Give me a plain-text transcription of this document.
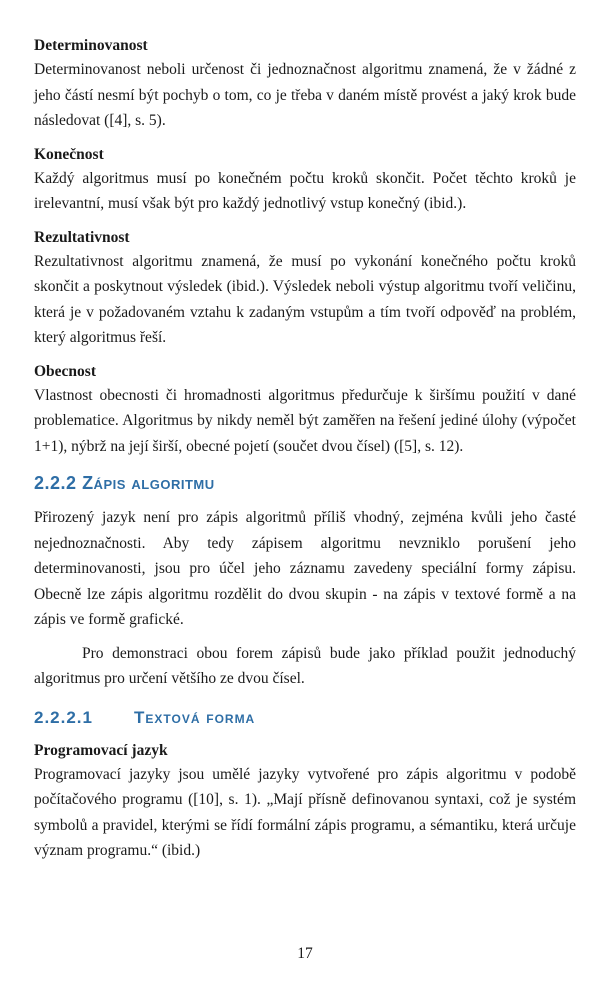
Determinovanost

Determinovanost neboli určenost či jednoznačnost algoritmu znamená, že v žádné z jeho částí nesmí být pochyb o tom, co je třeba v daném místě provést a jaký krok bude následovat ([4], s. 5).

Konečnost

Každý algoritmus musí po konečném počtu kroků skončit. Počet těchto kroků je irelevantní, musí však být pro každý jednotlivý vstup konečný (ibid.).

Rezultativnost

Rezultativnost algoritmu znamená, že musí po vykonání konečného počtu kroků skončit a poskytnout výsledek (ibid.). Výsledek neboli výstup algoritmu tvoří veličinu, která je v požadovaném vztahu k zadaným vstupům a tím tvoří odpověď na problém, který algoritmus řeší.

Obecnost

Vlastnost obecnosti či hromadnosti algoritmus předurčuje k širšímu použití v dané problematice. Algoritmus by nikdy neměl být zaměřen na řešení jediné úlohy (výpočet 1+1), nýbrž na její širší, obecné pojetí (součet dvou čísel) ([5], s. 12).

2.2.2 Zápis algoritmu

Přirozený jazyk není pro zápis algoritmů příliš vhodný, zejména kvůli jeho časté nejednoznačnosti. Aby tedy zápisem algoritmu nevzniklo porušení jeho determinovanosti, jsou pro účel jeho záznamu zavedeny speciální formy zápisu. Obecně lze zápis algoritmu rozdělit do dvou skupin - na zápis v textové formě a na zápis ve formě grafické.

Pro demonstraci obou forem zápisů bude jako příklad použit jednoduchý algoritmus pro určení většího ze dvou čísel.

2.2.2.1 Textová forma

Programovací jazyk

Programovací jazyky jsou umělé jazyky vytvořené pro zápis algoritmu v podobě počítačového programu ([10], s. 1). „Mají přísně definovanou syntaxi, což je systém symbolů a pravidel, kterými se řídí formální zápis programu, a sémantiku, která určuje význam programu.“ (ibid.)

17
